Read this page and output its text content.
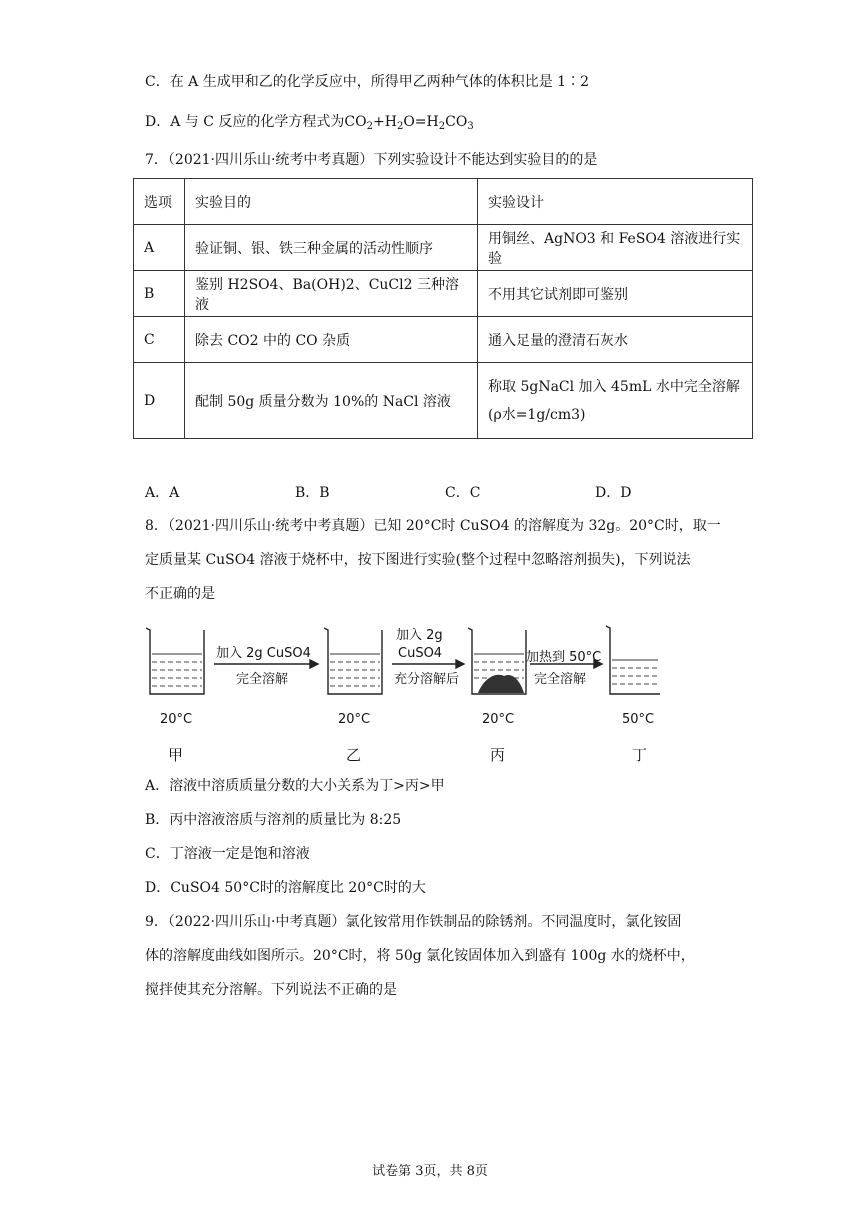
C．在 A 生成甲和乙的化学反应中，所得甲乙两种气体的体积比是 1∶2
D．A 与 C 反应的化学方程式为$CO_2+H_2O=H_2CO_3$
7．（2021·四川乐山·统考中考真题）下列实验设计不能达到实验目的的是
选项	实验目的	实验设计
A	验证铜、银、铁三种金属的活动性顺序	用铜丝、AgNO3 和 FeSO4 溶液进行实验
B	鉴别 H2SO4、Ba(OH)2、CuCl2 三种溶液	不用其它试剂即可鉴别
C	除去 CO2 中的 CO 杂质	通入足量的澄清石灰水
D	配制 50g 质量分数为 10%的 NaCl 溶液	称取 5gNaCl 加入 45mL 水中完全溶解(ρ水=1g/cm3)
A．A	B．B	C．C	D．D
8．（2021·四川乐山·统考中考真题）已知 20°C时 CuSO4 的溶解度为 32g。20°C时，取一
定质量某 CuSO4 溶液于烧杯中，按下图进行实验(整个过程中忽略溶剂损失)，下列说法
不正确的是
加入 2g CuSO4
完全溶解
加入 2g
CuSO4
充分溶解后
加热到 50°C
完全溶解
20°C	20°C	20°C	50°C
甲	乙	丙	丁
A．溶液中溶质质量分数的大小关系为丁>丙>甲
B．丙中溶液溶质与溶剂的质量比为 8:25
C．丁溶液一定是饱和溶液
D．CuSO4 50°C时的溶解度比 20°C时的大
9．（2022·四川乐山·中考真题）氯化铵常用作铁制品的除锈剂。不同温度时，氯化铵固
体的溶解度曲线如图所示。20°C时，将 50g 氯化铵固体加入到盛有 100g 水的烧杯中，
搅拌使其充分溶解。下列说法不正确的是
试卷第 3页，共 8页
